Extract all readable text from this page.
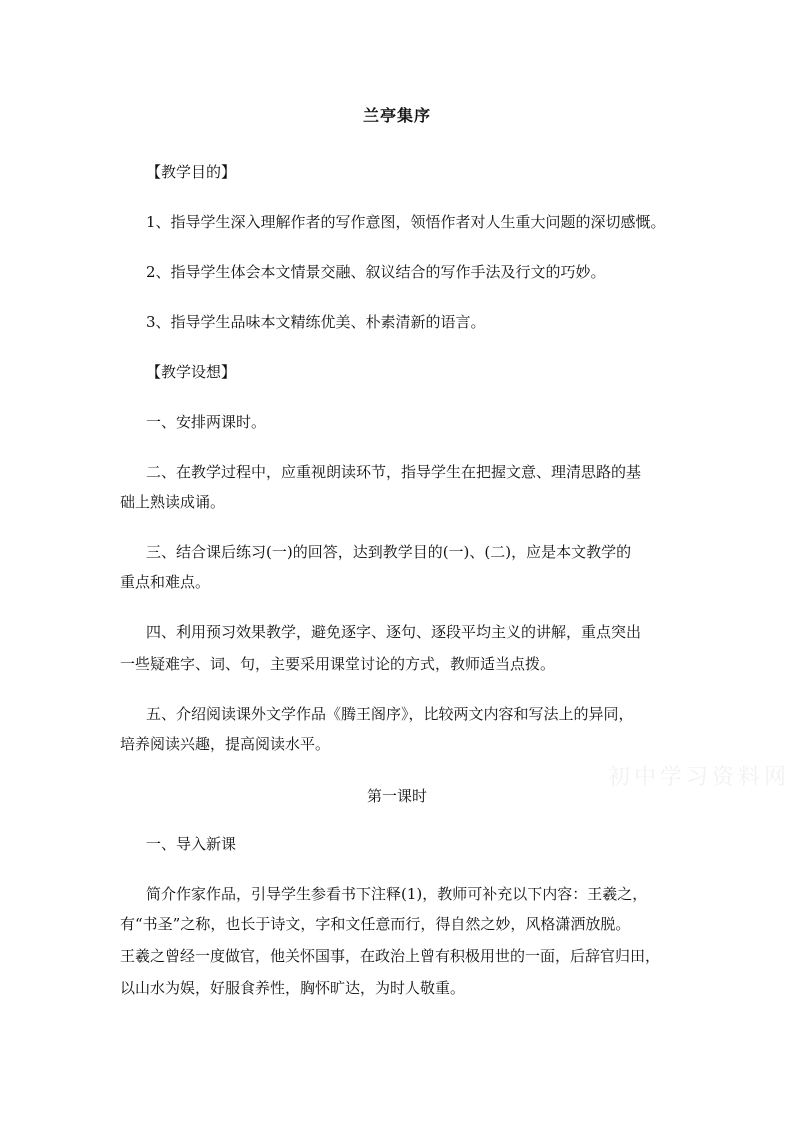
兰亭集序
【教学目的】
1、指导学生深入理解作者的写作意图，领悟作者对人生重大问题的深切感慨。
2、指导学生体会本文情景交融、叙议结合的写作手法及行文的巧妙。
3、指导学生品味本文精练优美、朴素清新的语言。
【教学设想】
一、安排两课时。
二、在教学过程中，应重视朗读环节，指导学生在把握文意、理清思路的基
础上熟读成诵。
三、结合课后练习(一)的回答，达到教学目的(一)、(二)，应是本文教学的
重点和难点。
四、利用预习效果教学，避免逐字、逐句、逐段平均主义的讲解，重点突出
一些疑难字、词、句，主要采用课堂讨论的方式，教师适当点拨。
五、介绍阅读课外文学作品《腾王阁序》，比较两文内容和写法上的异同，
培养阅读兴趣，提高阅读水平。
初中学习资料网
第一课时
一、导入新课
简介作家作品，引导学生参看书下注释(1)，教师可补充以下内容：王羲之，
有“书圣”之称，也长于诗文，字和文任意而行，得自然之妙，风格潇洒放脱。
王羲之曾经一度做官，他关怀国事，在政治上曾有积极用世的一面，后辞官归田，
以山水为娱，好服食养性，胸怀旷达，为时人敬重。
